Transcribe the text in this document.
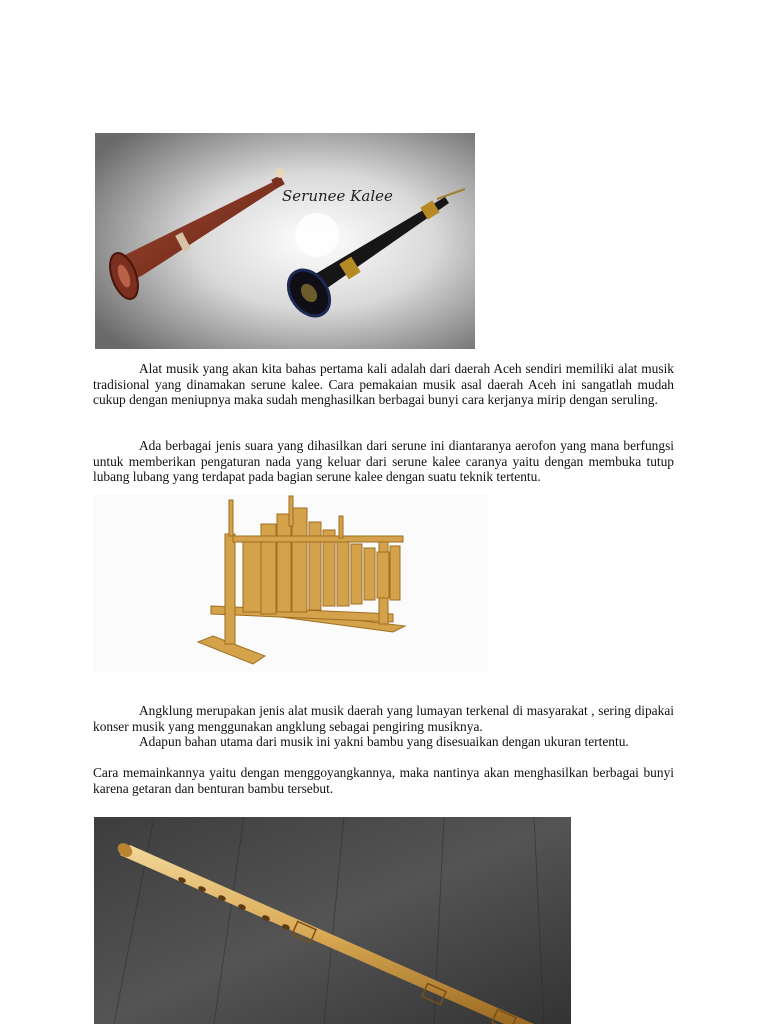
Serunee Kalee

Alat musik yang akan kita bahas pertama kali adalah dari daerah Aceh sendiri memiliki alat musik tradisional yang dinamakan serune kalee. Cara pemakaian musik asal daerah Aceh ini sangatlah mudah cukup dengan meniupnya maka sudah menghasilkan berbagai bunyi cara kerjanya mirip dengan seruling.

Ada berbagai jenis suara yang dihasilkan dari serune ini diantaranya aerofon yang mana berfungsi untuk memberikan pengaturan nada yang keluar dari serune kalee caranya yaitu dengan membuka tutup lubang lubang yang terdapat pada bagian serune kalee dengan suatu teknik tertentu.

Angklung merupakan jenis alat musik daerah yang lumayan terkenal di masyarakat , sering dipakai konser musik yang menggunakan angklung sebagai pengiring musiknya.

Adapun bahan utama dari musik ini yakni bambu yang disesuaikan dengan ukuran tertentu.

Cara memainkannya yaitu dengan menggoyangkannya, maka nantinya akan menghasilkan berbagai bunyi karena getaran dan benturan bambu tersebut.
